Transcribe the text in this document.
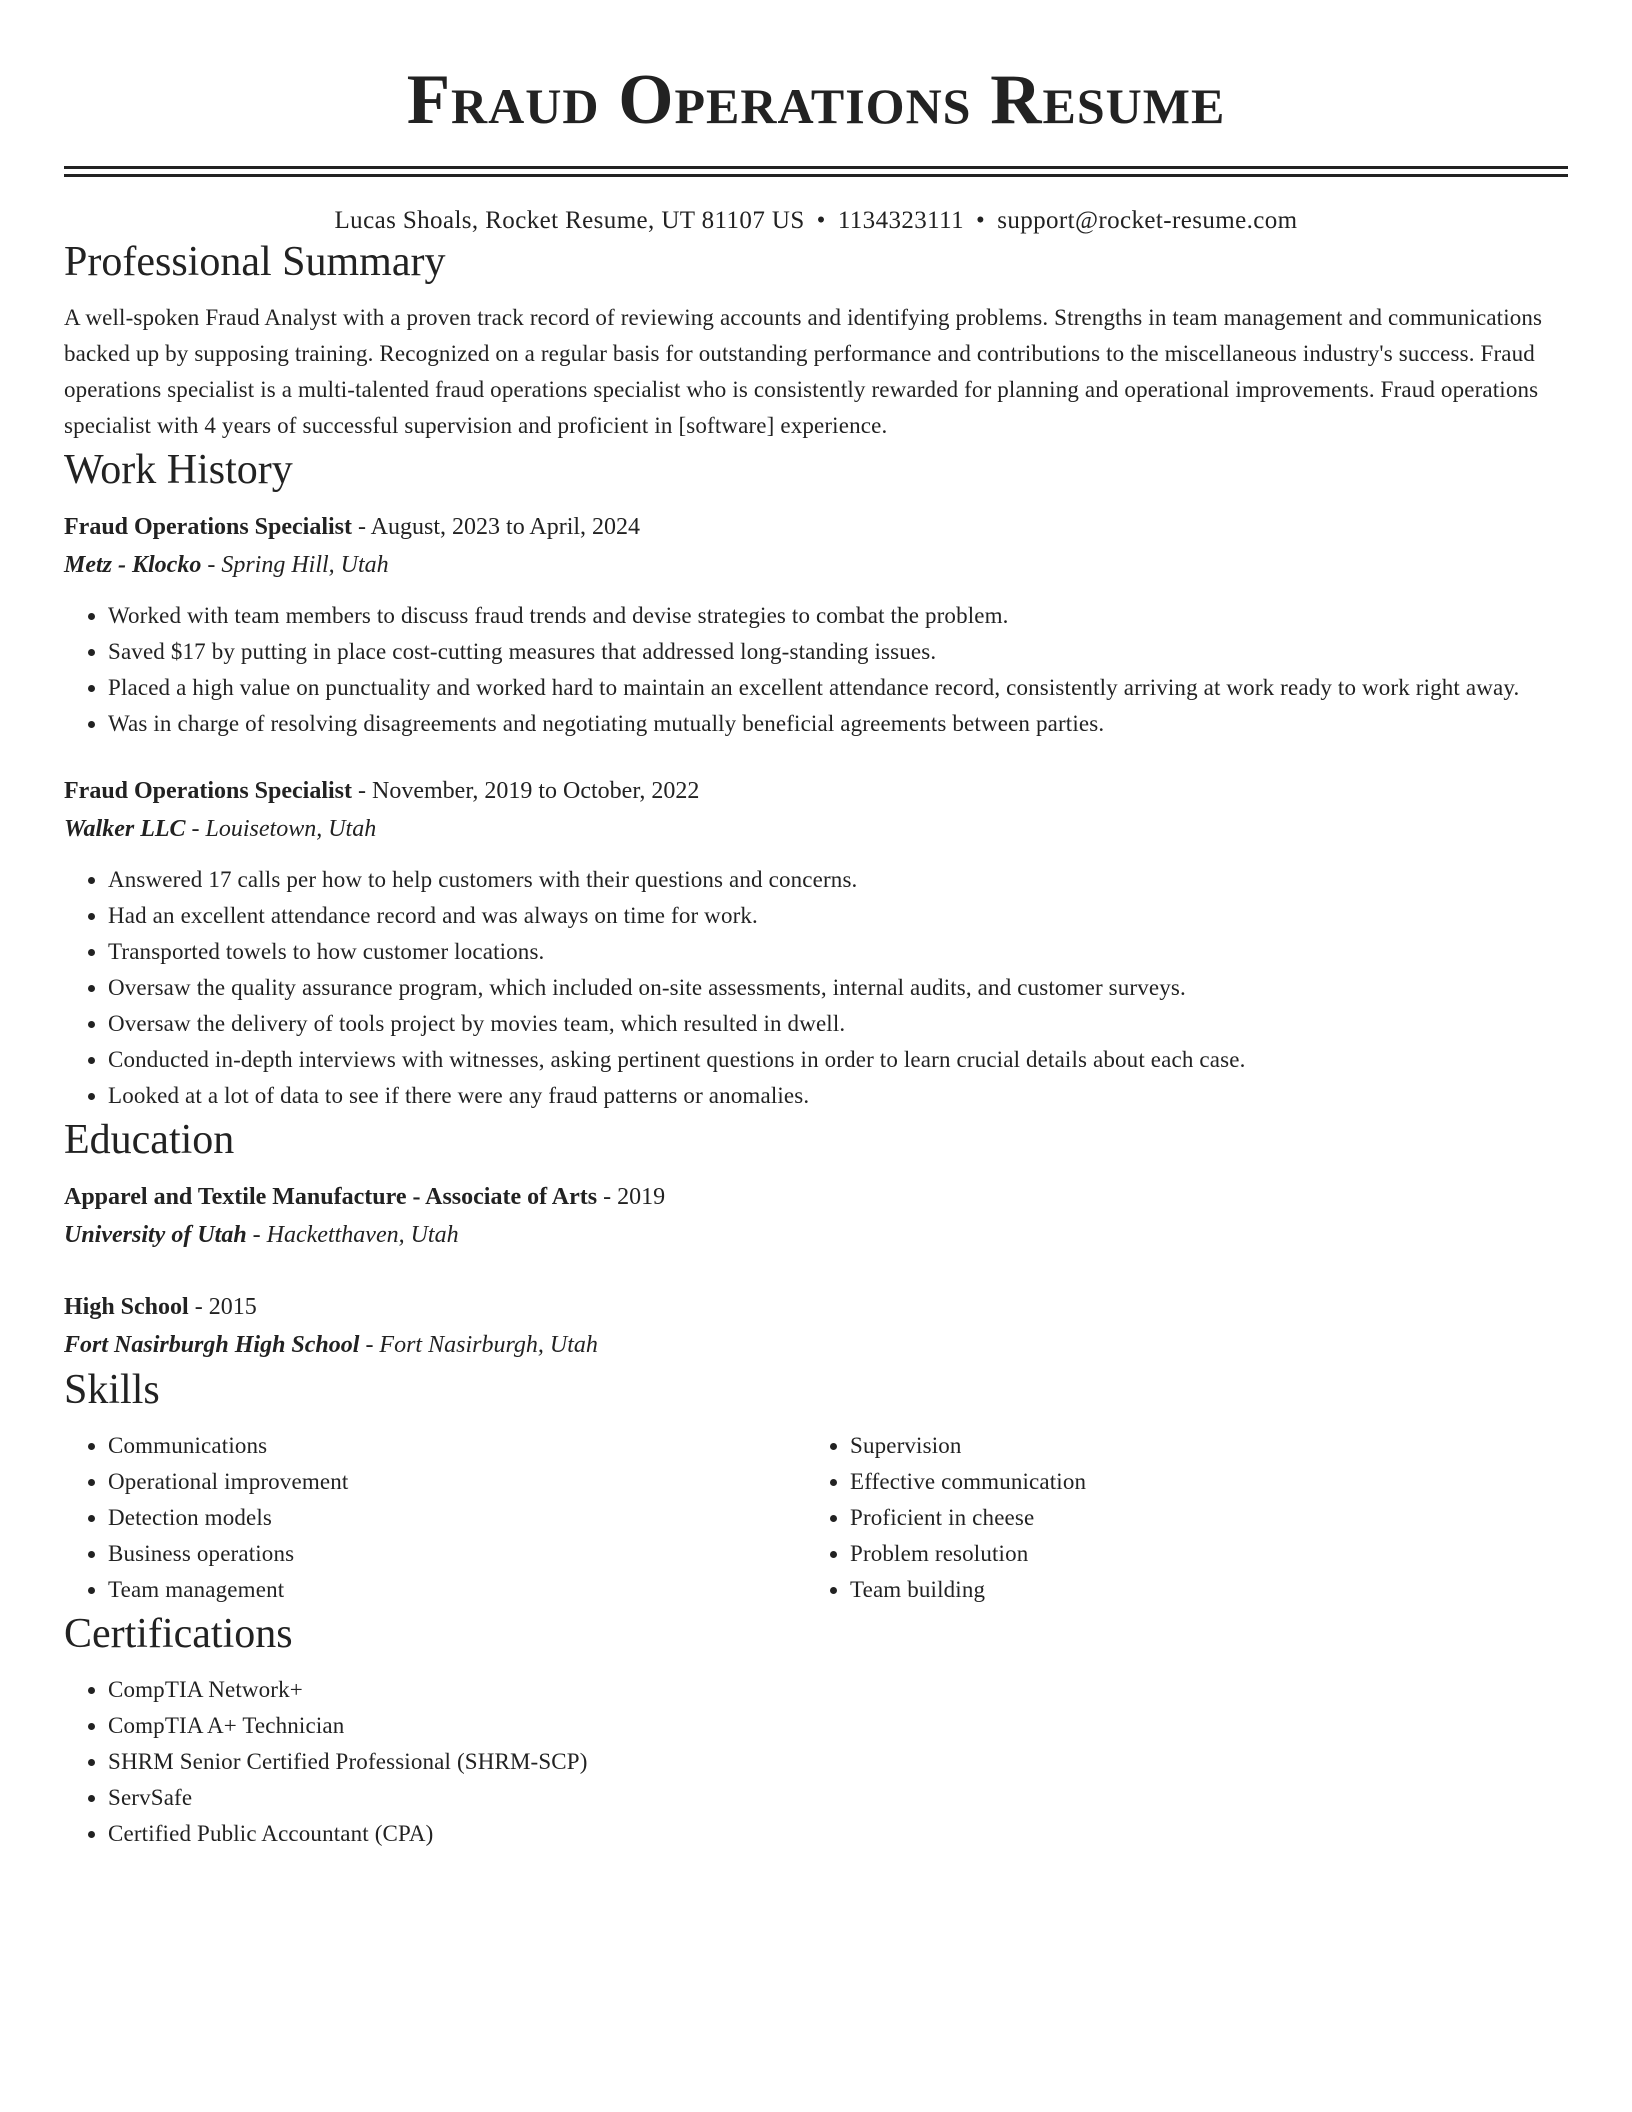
Fraud Operations Resume
Lucas Shoals, Rocket Resume, UT 81107 US • 1134323111 • support@rocket-resume.com
Professional Summary

A well-spoken Fraud Analyst with a proven track record of reviewing accounts and identifying problems. Strengths in team management and communications backed up by supposing training. Recognized on a regular basis for outstanding performance and contributions to the miscellaneous industry's success. Fraud operations specialist is a multi-talented fraud operations specialist who is consistently rewarded for planning and operational improvements. Fraud operations specialist with 4 years of successful supervision and proficient in [software] experience.

Work History
Fraud Operations Specialist - August, 2023 to April, 2024
Metz - Klocko - Spring Hill, Utah
• Worked with team members to discuss fraud trends and devise strategies to combat the problem.
• Saved $17 by putting in place cost-cutting measures that addressed long-standing issues.
• Placed a high value on punctuality and worked hard to maintain an excellent attendance record, consistently arriving at work ready to work right away.
• Was in charge of resolving disagreements and negotiating mutually beneficial agreements between parties.
Fraud Operations Specialist - November, 2019 to October, 2022
Walker LLC - Louisetown, Utah
• Answered 17 calls per how to help customers with their questions and concerns.
• Had an excellent attendance record and was always on time for work.
• Transported towels to how customer locations.
• Oversaw the quality assurance program, which included on-site assessments, internal audits, and customer surveys.
• Oversaw the delivery of tools project by movies team, which resulted in dwell.
• Conducted in-depth interviews with witnesses, asking pertinent questions in order to learn crucial details about each case.
• Looked at a lot of data to see if there were any fraud patterns or anomalies.
Education
Apparel and Textile Manufacture - Associate of Arts - 2019
University of Utah - Hacketthaven, Utah
High School - 2015
Fort Nasirburgh High School - Fort Nasirburgh, Utah
Skills
• Communications
• Operational improvement
• Detection models
• Business operations
• Team management
• Supervision
• Effective communication
• Proficient in cheese
• Problem resolution
• Team building
Certifications
• CompTIA Network+
• CompTIA A+ Technician
• SHRM Senior Certified Professional (SHRM-SCP)
• ServSafe
• Certified Public Accountant (CPA)
